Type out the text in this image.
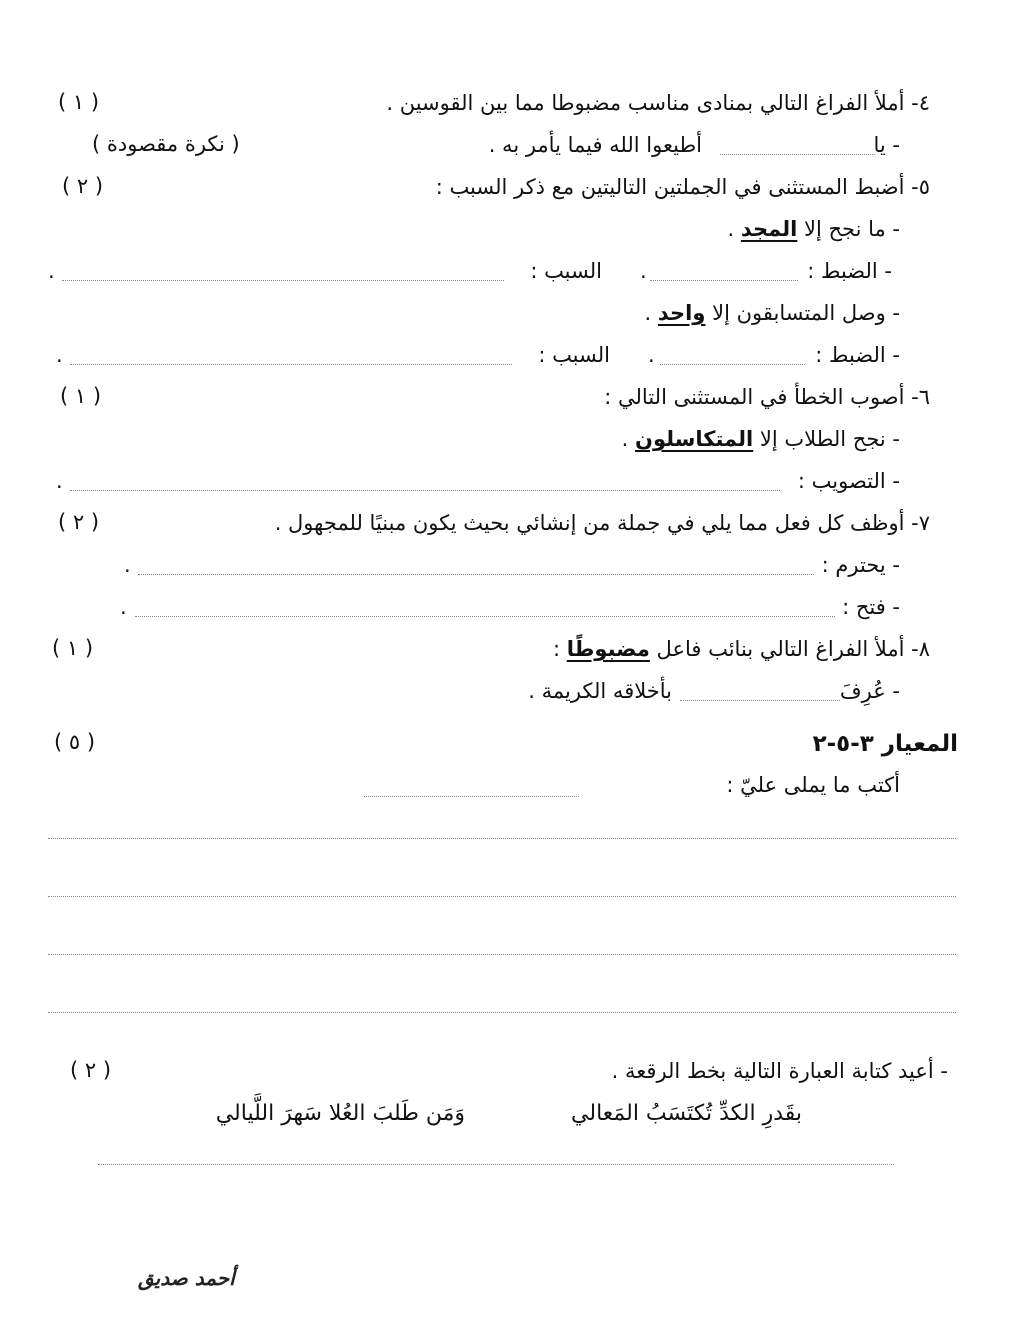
٤- أملأ الفراغ التالي بمنادى مناسب مضبوطا مما بين القوسين .
( ١ )
- يا
أطيعوا الله فيما يأمر به .
( نكرة مقصودة )
٥- أضبط المستثنى في الجملتين التاليتين مع ذكر السبب :
( ٢ )
- ما نجح إلا المجد .
- الضبط :
.
السبب :
.
- وصل المتسابقون إلا واحد .
- الضبط :
.
السبب :
.
٦- أصوب الخطأ في المستثنى التالي :
( ١ )
- نجح الطلاب إلا المتكاسلون .
- التصويب :
.
٧- أوظف كل فعل مما يلي في جملة من إنشائي بحيث يكون مبنيًا للمجهول .
( ٢ )
- يحترم :
.
- فتح :
.
٨- أملأ الفراغ التالي بنائب فاعل مضبوطًا :
( ١ )
- عُرِفَ
بأخلاقه الكريمة .
المعيار ٣-٥-٢
( ٥ )
أكتب ما يملى عليّ :
- أعيد كتابة العبارة التالية بخط الرقعة .
( ٢ )
بقَدرِ الكدِّ تُكتَسَبُ المَعالي
وَمَن طَلبَ العُلا سَهرَ اللَّيالي
أحمد صديق
